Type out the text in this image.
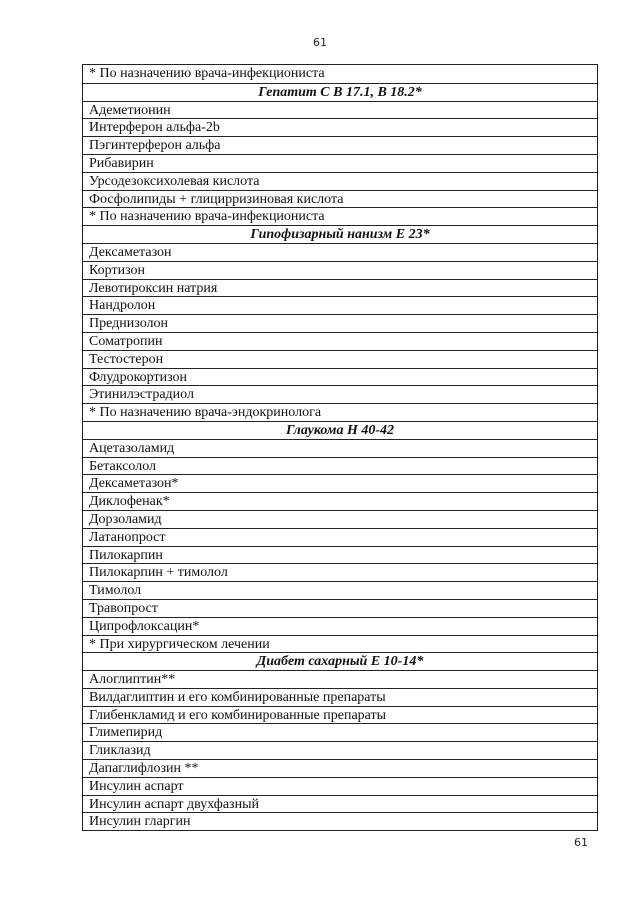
61
* По назначению врача-инфекциониста
Гепатит С В 17.1, В 18.2*
Адеметионин
Интерферон альфа-2b
Пэгинтерферон альфа
Рибавирин
Урсодезоксихолевая кислота
Фосфолипиды + глицирризиновая кислота
* По назначению врача-инфекциониста
Гипофизарный нанизм Е 23*
Дексаметазон
Кортизон
Левотироксин натрия
Нандролон
Преднизолон
Соматропин
Тестостерон
Флудрокортизон
Этинилэстрадиол
* По назначению врача-эндокринолога
Глаукома Н 40-42
Ацетазоламид
Бетаксолол
Дексаметазон*
Диклофенак*
Дорзоламид
Латанопрост
Пилокарпин
Пилокарпин + тимолол
Тимолол
Травопрост
Ципрофлоксацин*
* При хирургическом лечении
Диабет сахарный Е 10-14*
Алоглиптин**
Вилдаглиптин и его комбинированные препараты
Глибенкламид и его комбинированные препараты
Глимепирид
Гликлазид
Дапаглифлозин **
Инсулин аспарт
Инсулин аспарт двухфазный
Инсулин гларгин
61
